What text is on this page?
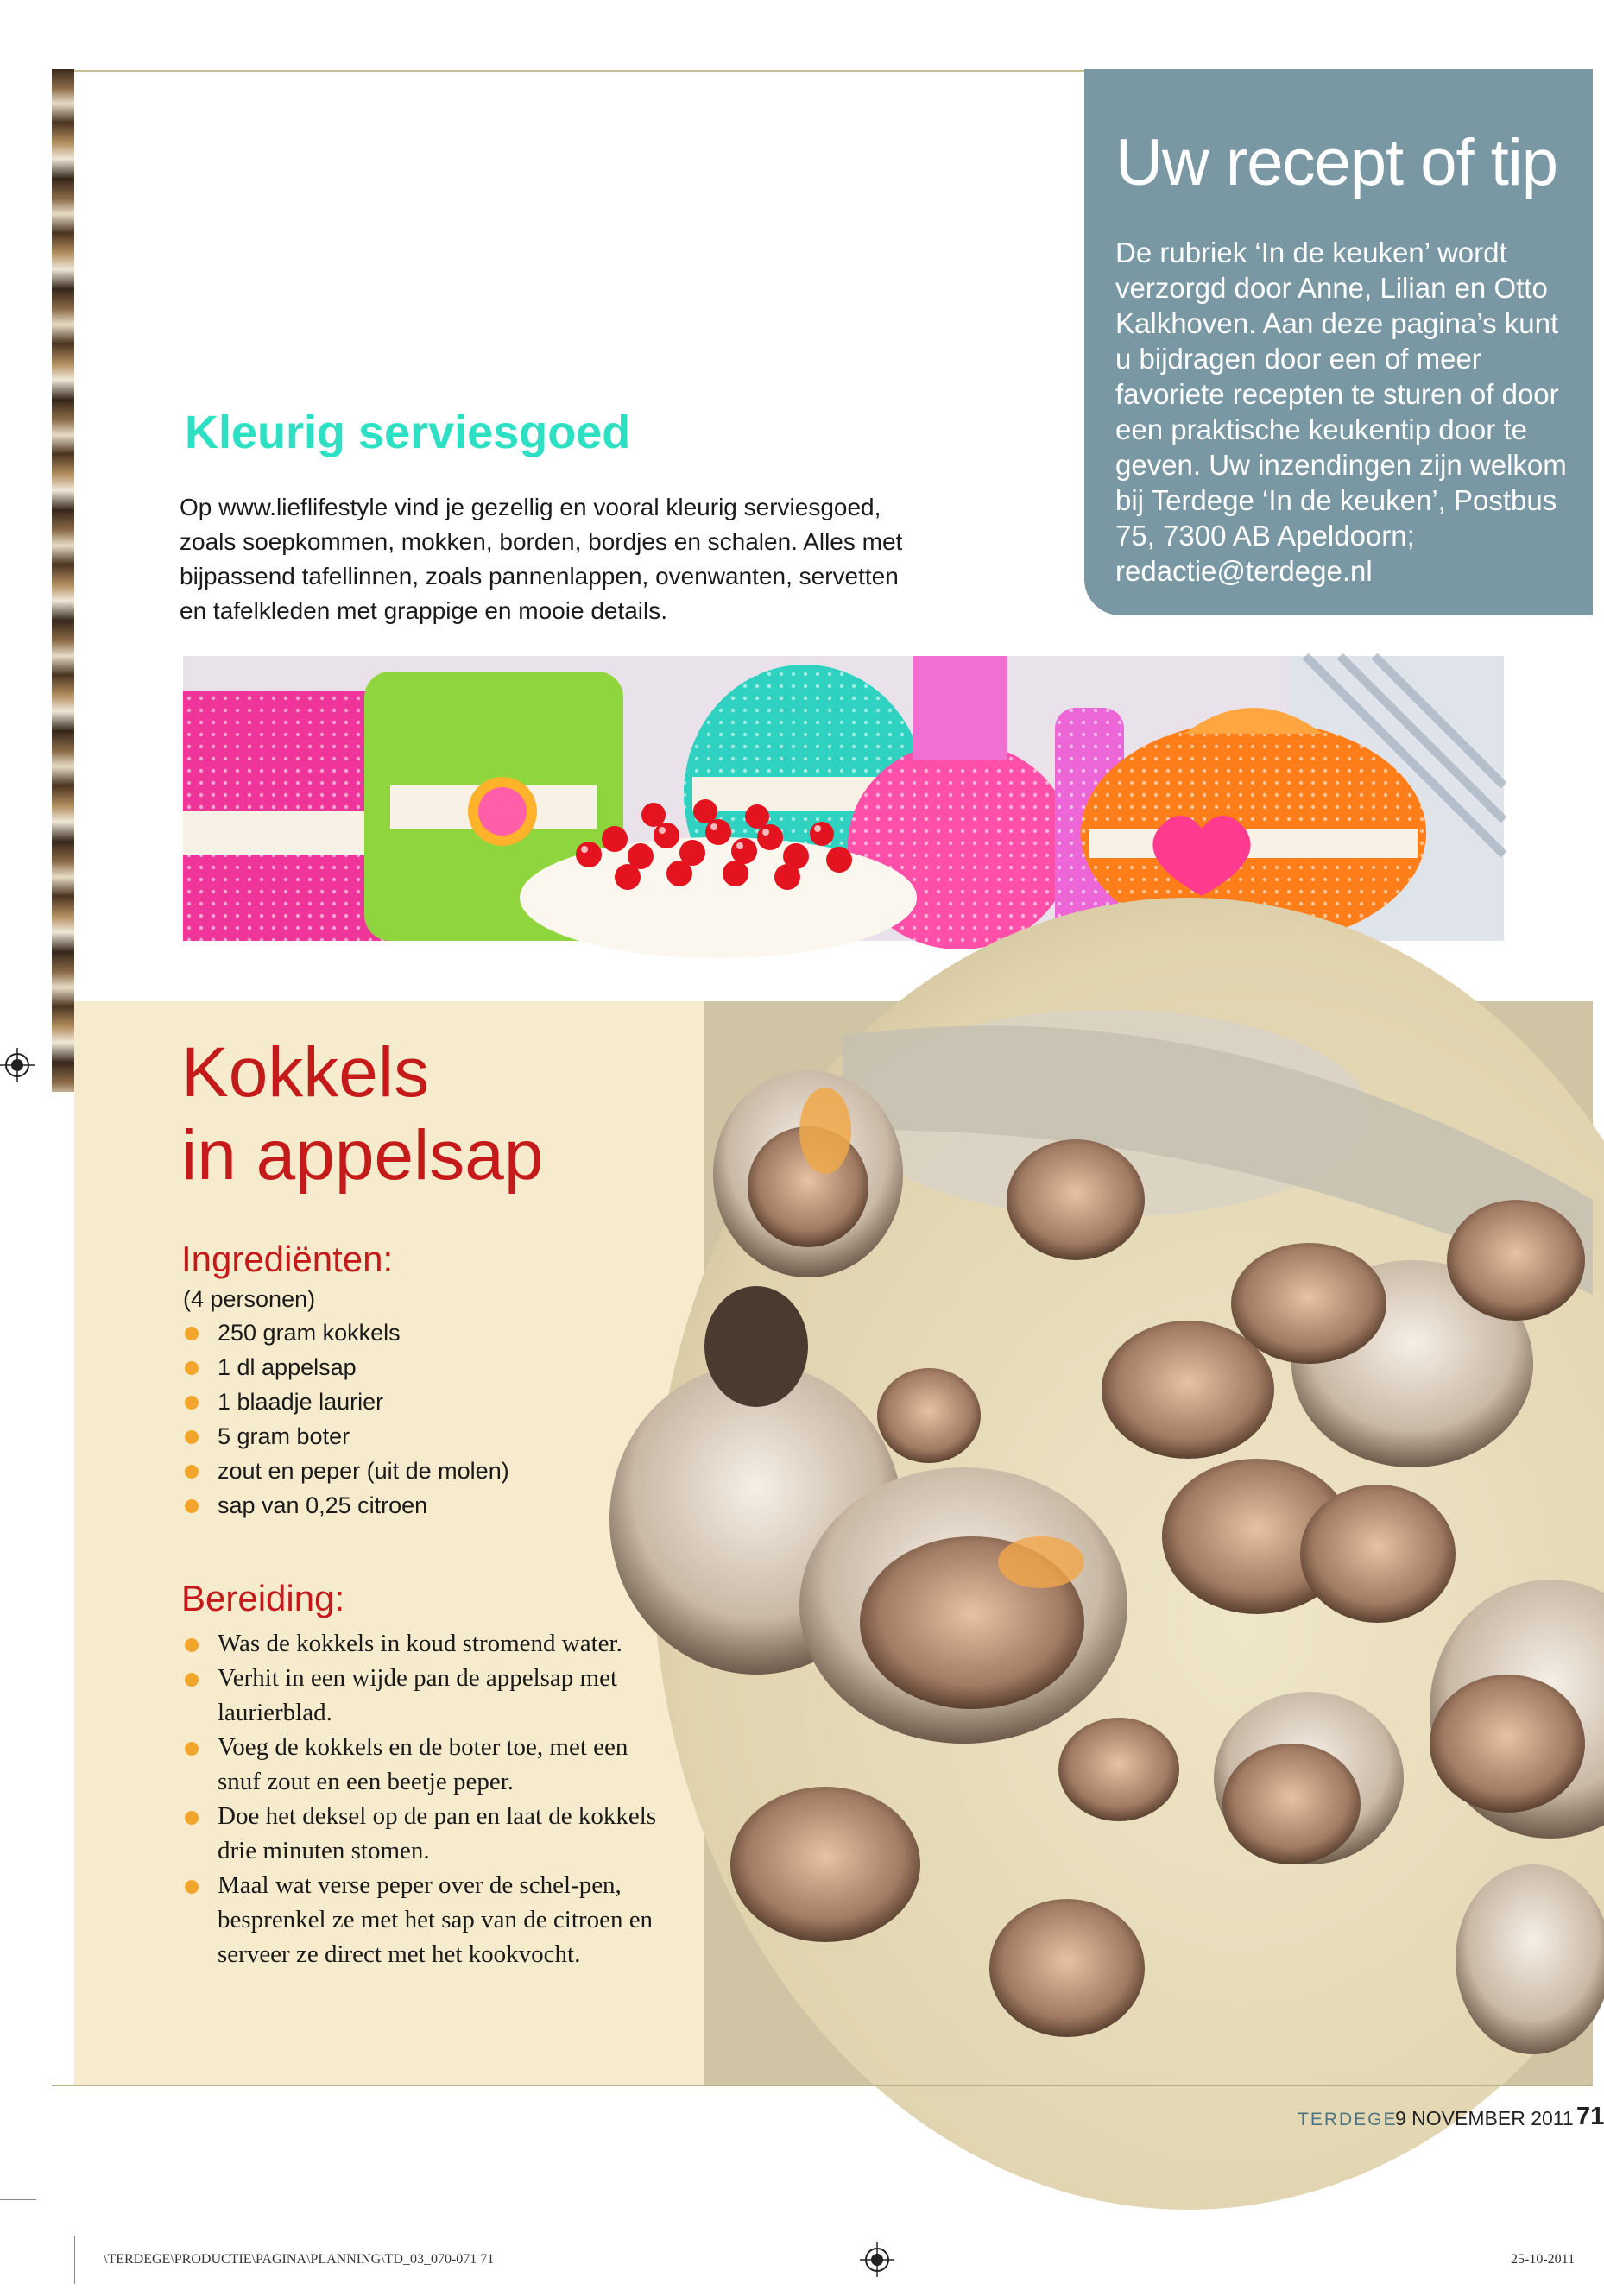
Uw recept of tip
De rubriek ‘In de keuken’ wordt verzorgd door Anne, Lilian en Otto Kalkhoven. Aan deze pagina’s kunt u bijdragen door een of meer favoriete recepten te sturen of door een praktische keukentip door te geven. Uw inzendingen zijn welkom bij Terdege ‘In de keuken’, Postbus 75, 7300 AB Apeldoorn; redactie@terdege.nl
Kleurig serviesgoed
Op www.lieflifestyle vind je gezellig en vooral kleurig serviesgoed, zoals soepkommen, mokken, borden, bordjes en schalen. Alles met bijpassend tafellinnen, zoals pannenlappen, ovenwanten, servetten en tafelkleden met grappige en mooie details.
Kokkels
in appelsap
Ingrediënten:
(4 personen)
250 gram kokkels
1 dl appelsap
1 blaadje laurier
5 gram boter
zout en peper (uit de molen)
sap van 0,25 citroen
Bereiding:
Was de kokkels in koud stromend water.
Verhit in een wijde pan de appelsap met laurierblad.
Voeg de kokkels en de boter toe, met een snuf zout en een beetje peper.
Doe het deksel op de pan en laat de kokkels drie minuten stomen.
Maal wat verse peper over de schel-pen, besprenkel ze met het sap van de citroen en serveer ze direct met het kookvocht.
TERDEGE
9 NOVEMBER 2011 71
\TERDEGE\PRODUCTIE\PAGINA\PLANNING\TD_03_070-071 71	25-10-2011
